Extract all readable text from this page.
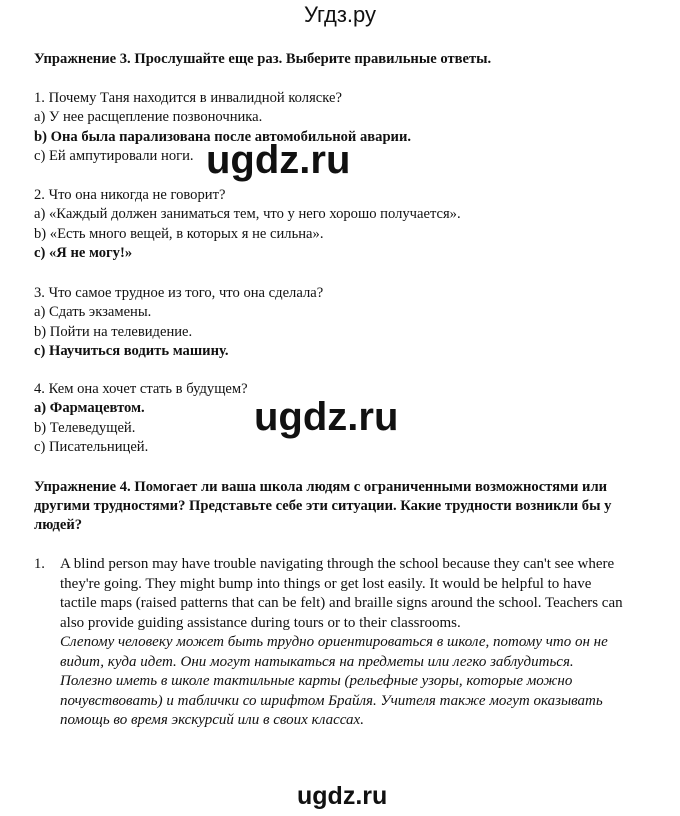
Угдз.ру
Упражнение 3. Прослушайте еще раз. Выберите правильные ответы.

1. Почему Таня находится в инвалидной коляске?

a) У нее расщепление позвоночника.

b) Она была парализована после автомобильной аварии.

c) Ей ампутировали ноги.

2. Что она никогда не говорит?

a) «Каждый должен заниматься тем, что у него хорошо получается».

b) «Есть много вещей, в которых я не сильна».

c) «Я не могу!»

3. Что самое трудное из того, что она сделала?

a) Сдать экзамены.

b) Пойти на телевидение.

c) Научиться водить машину.

4. Кем она хочет стать в будущем?

a) Фармацевтом.

b) Телеведущей.

c) Писательницей.

Упражнение 4. Помогает ли ваша школа людям с ограниченными возможностями или другими трудностями? Представьте себе эти ситуации. Какие трудности возникли бы у людей?
1. A blind person may have trouble navigating through the school because they can't see where they're going. They might bump into things or get lost easily. It would be helpful to have tactile maps (raised patterns that can be felt) and braille signs around the school. Teachers can also provide guiding assistance during tours or to their classrooms.

Слепому человеку может быть трудно ориентироваться в школе, потому что он не видит, куда идет. Они могут натыкаться на предметы или легко заблудиться. Полезно иметь в школе тактильные карты (рельефные узоры, которые можно почувствовать) и таблички со шрифтом Брайля. Учителя также могут оказывать помощь во время экскурсий или в своих классах.

ugdz.ru
ugdz.ru
ugdz.ru
